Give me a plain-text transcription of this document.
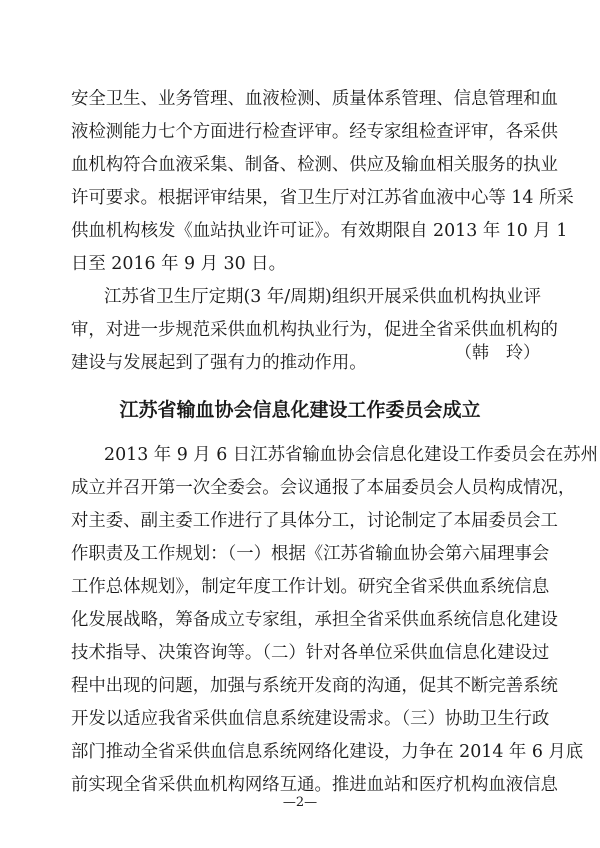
安全卫生、业务管理、血液检测、质量体系管理、信息管理和血
液检测能力七个方面进行检查评审。经专家组检查评审，各采供
血机构符合血液采集、制备、检测、供应及输血相关服务的执业
许可要求。根据评审结果，省卫生厅对江苏省血液中心等 14 所采
供血机构核发《血站执业许可证》。有效期限自 2013 年 10 月 1
日至 2016 年 9 月 30 日。
江苏省卫生厅定期(3 年/周期)组织开展采供血机构执业评
审，对进一步规范采供血机构执业行为，促进全省采供血机构的
建设与发展起到了强有力的推动作用。	（韩　玲）
江苏省输血协会信息化建设工作委员会成立
2013 年 9 月 6 日江苏省输血协会信息化建设工作委员会在苏州
成立并召开第一次全委会。会议通报了本届委员会人员构成情况，
对主委、副主委工作进行了具体分工，讨论制定了本届委员会工
作职责及工作规划：（一）根据《江苏省输血协会第六届理事会
工作总体规划》，制定年度工作计划。研究全省采供血系统信息
化发展战略，筹备成立专家组，承担全省采供血系统信息化建设
技术指导、决策咨询等。（二）针对各单位采供血信息化建设过
程中出现的问题，加强与系统开发商的沟通，促其不断完善系统
开发以适应我省采供血信息系统建设需求。（三）协助卫生行政
部门推动全省采供血信息系统网络化建设，力争在 2014 年 6 月底
前实现全省采供血机构网络互通。推进血站和医疗机构血液信息
—2—
